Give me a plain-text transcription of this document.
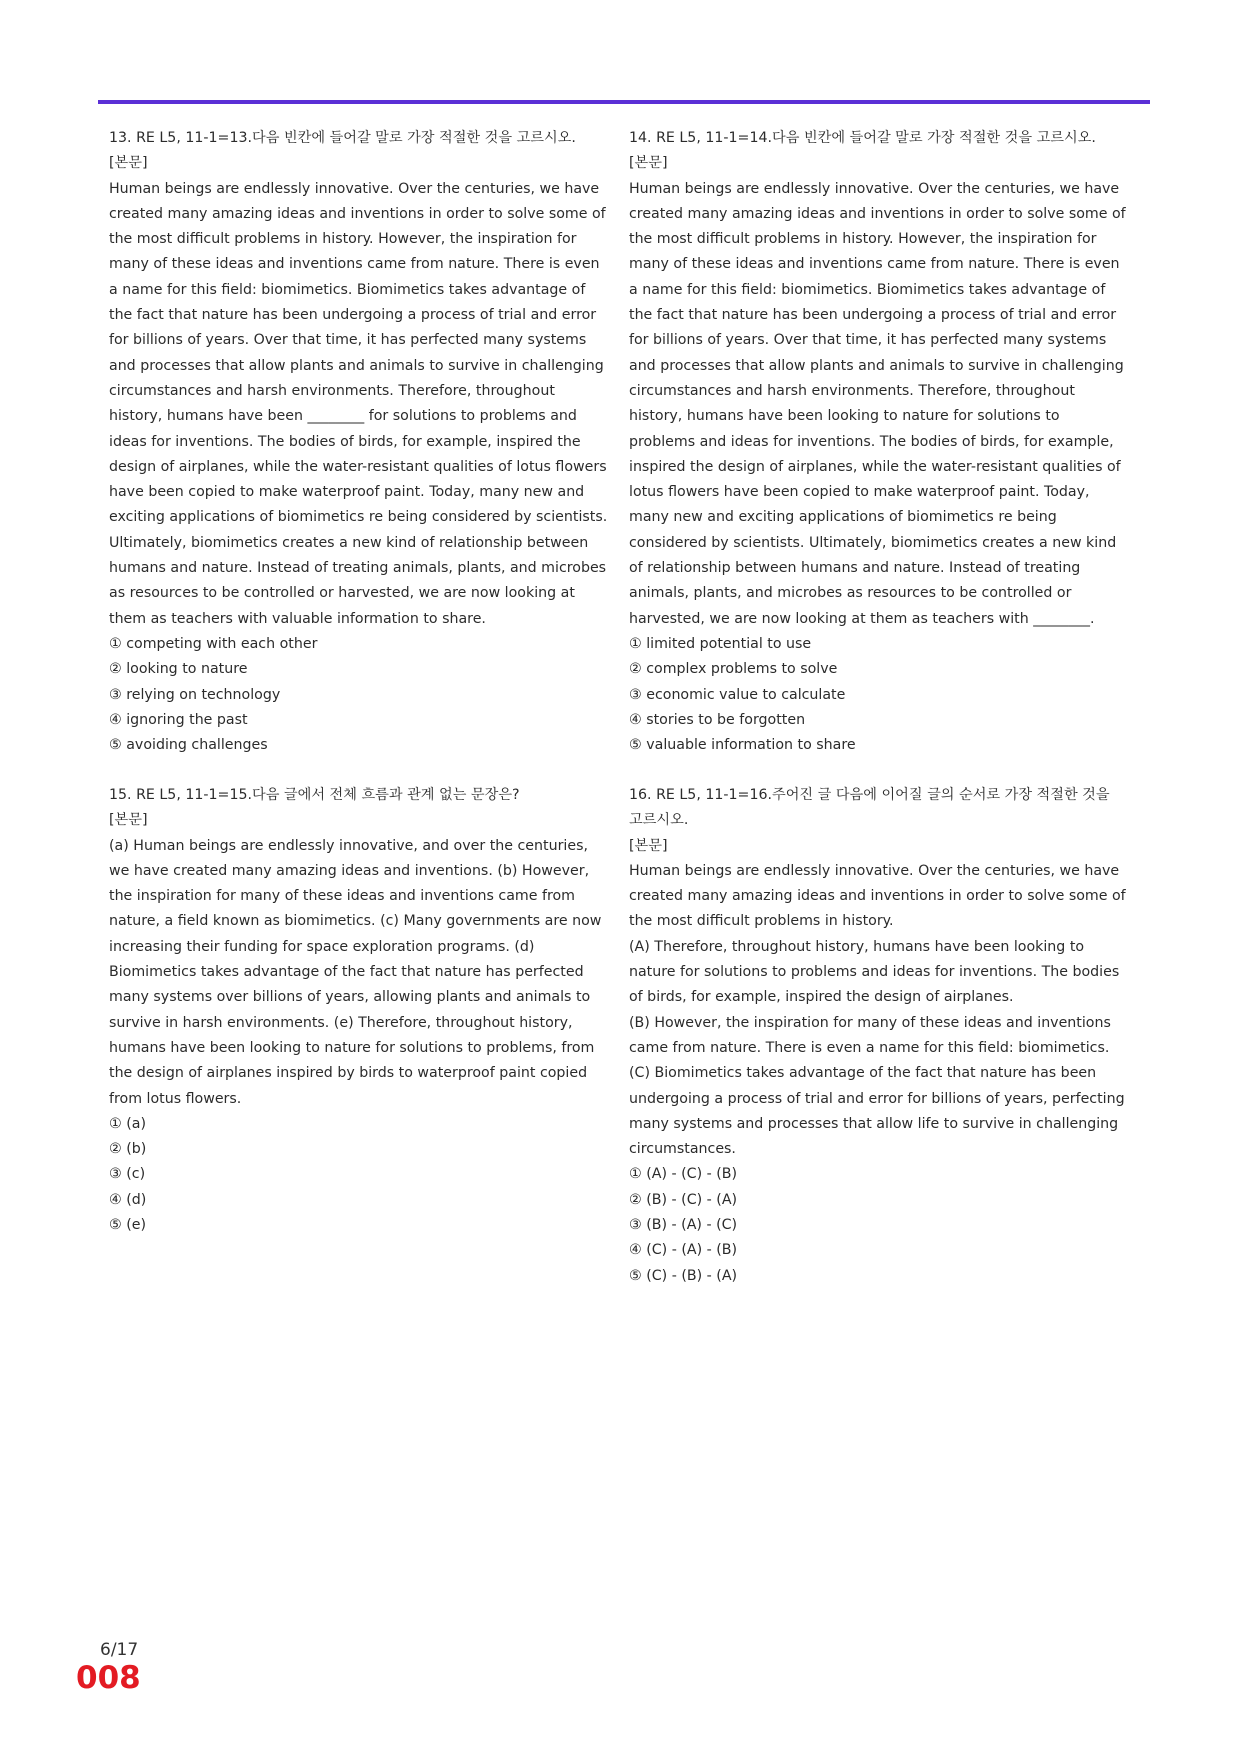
13. RE L5, 11-1=13.다음 빈칸에 들어갈 말로 가장 적절한 것을 고르시오.

[본문]

Human beings are endlessly innovative. Over the centuries, we have created many amazing ideas and inventions in order to solve some of the most difficult problems in history. However, the inspiration for many of these ideas and inventions came from nature. There is even a name for this field: biomimetics. Biomimetics takes advantage of the fact that nature has been undergoing a process of trial and error for billions of years. Over that time, it has perfected many systems and processes that allow plants and animals to survive in challenging circumstances and harsh environments. Therefore, throughout history, humans have been ________ for solutions to problems and ideas for inventions. The bodies of birds, for example, inspired the design of airplanes, while the water-resistant qualities of lotus flowers have been copied to make waterproof paint. Today, many new and exciting applications of biomimetics re being considered by scientists. Ultimately, biomimetics creates a new kind of relationship between humans and nature. Instead of treating animals, plants, and microbes as resources to be controlled or harvested, we are now looking at them as teachers with valuable information to share.

① competing with each other

② looking to nature

③ relying on technology

④ ignoring the past

⑤ avoiding challenges

14. RE L5, 11-1=14.다음 빈칸에 들어갈 말로 가장 적절한 것을 고르시오.

[본문]

Human beings are endlessly innovative. Over the centuries, we have created many amazing ideas and inventions in order to solve some of the most difficult problems in history. However, the inspiration for many of these ideas and inventions came from nature. There is even a name for this field: biomimetics. Biomimetics takes advantage of the fact that nature has been undergoing a process of trial and error for billions of years. Over that time, it has perfected many systems and processes that allow plants and animals to survive in challenging circumstances and harsh environments. Therefore, throughout history, humans have been looking to nature for solutions to problems and ideas for inventions. The bodies of birds, for example, inspired the design of airplanes, while the water-resistant qualities of lotus flowers have been copied to make waterproof paint. Today, many new and exciting applications of biomimetics re being considered by scientists. Ultimately, biomimetics creates a new kind of relationship between humans and nature. Instead of treating animals, plants, and microbes as resources to be controlled or harvested, we are now looking at them as teachers with ________.

① limited potential to use

② complex problems to solve

③ economic value to calculate

④ stories to be forgotten

⑤ valuable information to share

15. RE L5, 11-1=15.다음 글에서 전체 흐름과 관계 없는 문장은?

[본문]

(a) Human beings are endlessly innovative, and over the centuries, we have created many amazing ideas and inventions. (b) However, the inspiration for many of these ideas and inventions came from nature, a field known as biomimetics. (c) Many governments are now increasing their funding for space exploration programs. (d) Biomimetics takes advantage of the fact that nature has perfected many systems over billions of years, allowing plants and animals to survive in harsh environments. (e) Therefore, throughout history, humans have been looking to nature for solutions to problems, from the design of airplanes inspired by birds to waterproof paint copied from lotus flowers.

① (a)

② (b)

③ (c)

④ (d)

⑤ (e)

16. RE L5, 11-1=16.주어진 글 다음에 이어질 글의 순서로 가장 적절한 것을

고르시오.

[본문]

Human beings are endlessly innovative. Over the centuries, we have created many amazing ideas and inventions in order to solve some of the most difficult problems in history.

(A) Therefore, throughout history, humans have been looking to nature for solutions to problems and ideas for inventions. The bodies of birds, for example, inspired the design of airplanes.

(B) However, the inspiration for many of these ideas and inventions came from nature. There is even a name for this field: biomimetics.

(C) Biomimetics takes advantage of the fact that nature has been undergoing a process of trial and error for billions of years, perfecting many systems and processes that allow life to survive in challenging circumstances.

① (A) - (C) - (B)

② (B) - (C) - (A)

③ (B) - (A) - (C)

④ (C) - (A) - (B)

⑤ (C) - (B) - (A)

6/17
008
